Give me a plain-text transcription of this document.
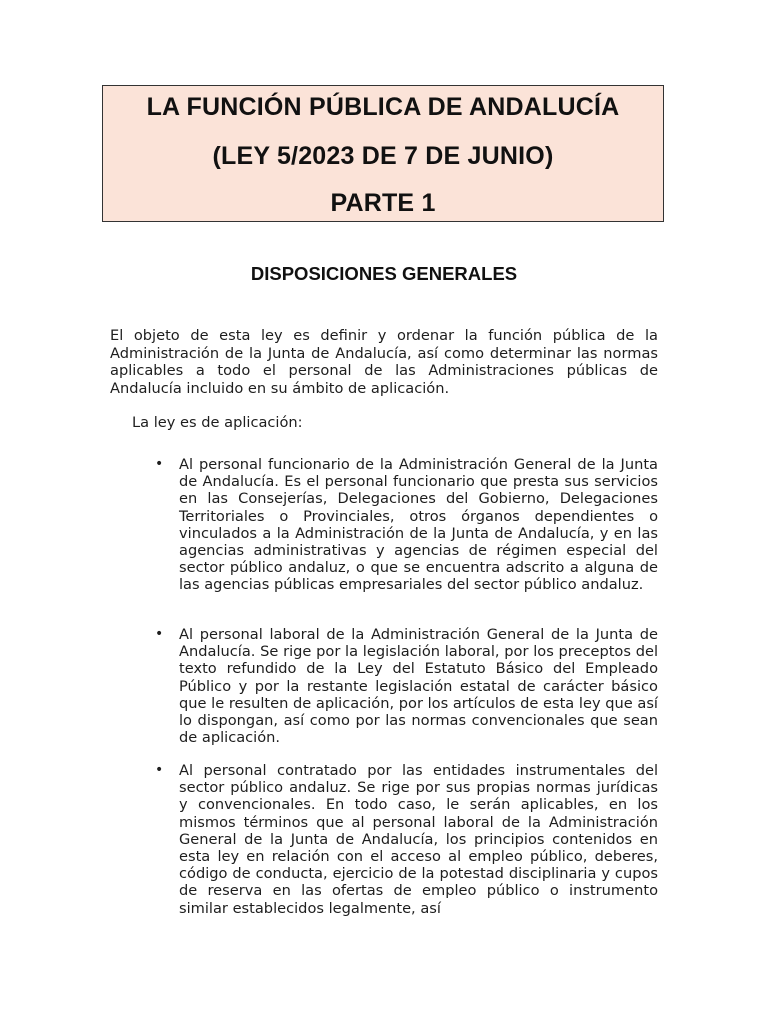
LA FUNCIÓN PÚBLICA DE ANDALUCÍA
(LEY 5/2023 DE 7 DE JUNIO)
PARTE 1
DISPOSICIONES GENERALES

El objeto de esta ley es definir y ordenar la función pública de la Administración de la Junta de Andalucía, así como determinar las normas aplicables a todo el personal de las Administraciones públicas de Andalucía incluido en su ámbito de aplicación.

La ley es de aplicación:

• Al personal funcionario de la Administración General de la Junta de Andalucía. Es el personal funcionario que presta sus servicios en las Consejerías, Delegaciones del Gobierno, Delegaciones Territoriales o Provinciales, otros órganos dependientes o vinculados a la Administración de la Junta de Andalucía, y en las agencias administrativas y agencias de régimen especial del sector público andaluz, o que se encuentra adscrito a alguna de las agencias públicas empresariales del sector público andaluz.
• Al personal laboral de la Administración General de la Junta de Andalucía. Se rige por la legislación laboral, por los preceptos del texto refundido de la Ley del Estatuto Básico del Empleado Público y por la restante legislación estatal de carácter básico que le resulten de aplicación, por los artículos de esta ley que así lo dispongan, así como por las normas convencionales que sean de aplicación.
• Al personal contratado por las entidades instrumentales del sector público andaluz. Se rige por sus propias normas jurídicas y convencionales. En todo caso, le serán aplicables, en los mismos términos que al personal laboral de la Administración General de la Junta de Andalucía, los principios contenidos en esta ley en relación con el acceso al empleo público, deberes, código de conducta, ejercicio de la potestad disciplinaria y cupos de reserva en las ofertas de empleo público o instrumento similar establecidos legalmente, así
